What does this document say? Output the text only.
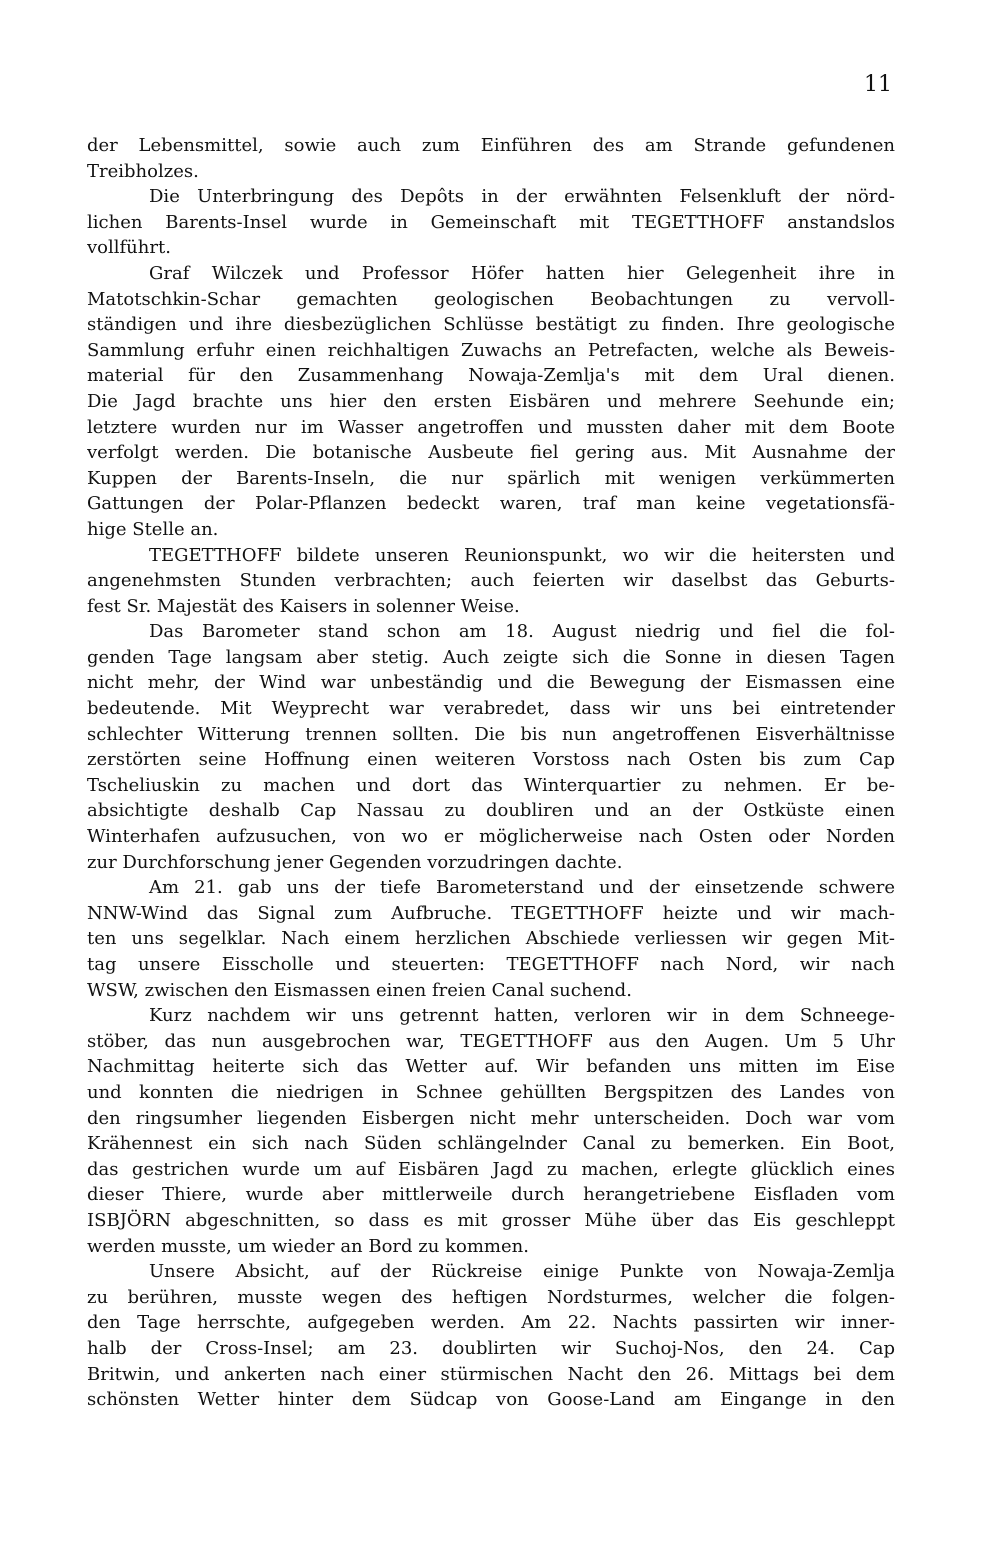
11
der Lebensmittel, sowie auch zum Einführen des am Strande gefundenen
Treibholzes.
Die Unterbringung des Depôts in der erwähnten Felsenkluft der nörd-
lichen Barents-Insel wurde in Gemeinschaft mit TEGETTHOFF anstandslos
vollführt.
Graf Wilczek und Professor Höfer hatten hier Gelegenheit ihre in
Matotschkin-Schar gemachten geologischen Beobachtungen zu vervoll-
ständigen und ihre diesbezüglichen Schlüsse bestätigt zu finden. Ihre geologische
Sammlung erfuhr einen reichhaltigen Zuwachs an Petrefacten, welche als Beweis-
material für den Zusammenhang Nowaja-Zemlja's mit dem Ural dienen.
Die Jagd brachte uns hier den ersten Eisbären und mehrere Seehunde ein;
letztere wurden nur im Wasser angetroffen und mussten daher mit dem Boote
verfolgt werden. Die botanische Ausbeute fiel gering aus. Mit Ausnahme der
Kuppen der Barents-Inseln, die nur spärlich mit wenigen verkümmerten
Gattungen der Polar-Pflanzen bedeckt waren, traf man keine vegetationsfä-
hige Stelle an.
TEGETTHOFF bildete unseren Reunionspunkt, wo wir die heitersten und
angenehmsten Stunden verbrachten; auch feierten wir daselbst das Geburts-
fest Sr. Majestät des Kaisers in solenner Weise.
Das Barometer stand schon am 18. August niedrig und fiel die fol-
genden Tage langsam aber stetig. Auch zeigte sich die Sonne in diesen Tagen
nicht mehr, der Wind war unbeständig und die Bewegung der Eismassen eine
bedeutende. Mit Weyprecht war verabredet, dass wir uns bei eintretender
schlechter Witterung trennen sollten. Die bis nun angetroffenen Eisverhältnisse
zerstörten seine Hoffnung einen weiteren Vorstoss nach Osten bis zum Cap
Tscheliuskin zu machen und dort das Winterquartier zu nehmen. Er be-
absichtigte deshalb Cap Nassau zu doubliren und an der Ostküste einen
Winterhafen aufzusuchen, von wo er möglicherweise nach Osten oder Norden
zur Durchforschung jener Gegenden vorzudringen dachte.
Am 21. gab uns der tiefe Barometerstand und der einsetzende schwere
NNW-Wind das Signal zum Aufbruche. TEGETTHOFF heizte und wir mach-
ten uns segelklar. Nach einem herzlichen Abschiede verliessen wir gegen Mit-
tag unsere Eisscholle und steuerten: TEGETTHOFF nach Nord, wir nach
WSW, zwischen den Eismassen einen freien Canal suchend.
Kurz nachdem wir uns getrennt hatten, verloren wir in dem Schneege-
stöber, das nun ausgebrochen war, TEGETTHOFF aus den Augen. Um 5 Uhr
Nachmittag heiterte sich das Wetter auf. Wir befanden uns mitten im Eise
und konnten die niedrigen in Schnee gehüllten Bergspitzen des Landes von
den ringsumher liegenden Eisbergen nicht mehr unterscheiden. Doch war vom
Krähennest ein sich nach Süden schlängelnder Canal zu bemerken. Ein Boot,
das gestrichen wurde um auf Eisbären Jagd zu machen, erlegte glücklich eines
dieser Thiere, wurde aber mittlerweile durch herangetriebene Eisfladen vom
ISBJÖRN abgeschnitten, so dass es mit grosser Mühe über das Eis geschleppt
werden musste, um wieder an Bord zu kommen.
Unsere Absicht, auf der Rückreise einige Punkte von Nowaja-Zemlja
zu berühren, musste wegen des heftigen Nordsturmes, welcher die folgen-
den Tage herrschte, aufgegeben werden. Am 22. Nachts passirten wir inner-
halb der Cross-Insel; am 23. doublirten wir Suchoj-Nos, den 24. Cap
Britwin, und ankerten nach einer stürmischen Nacht den 26. Mittags bei dem
schönsten Wetter hinter dem Südcap von Goose-Land am Eingange in den
